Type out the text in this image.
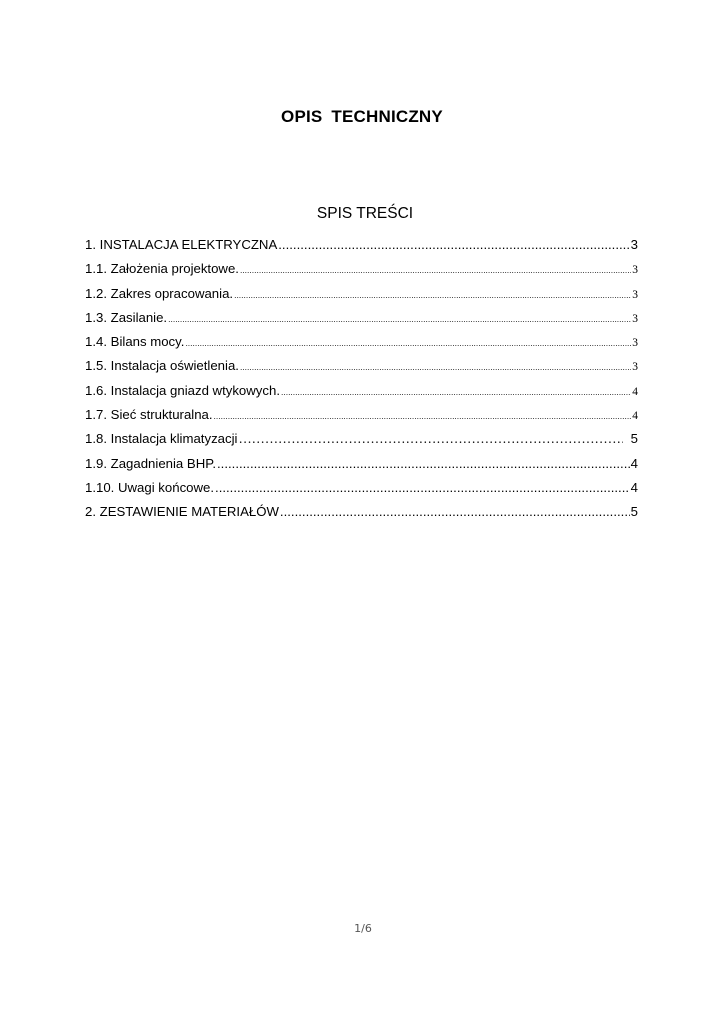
OPIS TECHNICZNY
SPIS TREŚCI
1. INSTALACJA ELEKTRYCZNA .....	3
1.1. Założenia projektowe. .....	3
1.2. Zakres opracowania. .....	3
1.3. Zasilanie. .....	3
1.4. Bilans mocy. .....	3
1.5. Instalacja oświetlenia. .....	3
1.6. Instalacja gniazd wtykowych. .....	4
1.7. Sieć strukturalna. .....	4
1.8. Instalacja klimatyzacji ……………………………………………………………………………………………………………………………………………………………………………………	5
1.9. Zagadnienia BHP. .....	4
1.10. Uwagi końcowe. .....	4
2. ZESTAWIENIE MATERIAŁÓW .....	5
1/6
